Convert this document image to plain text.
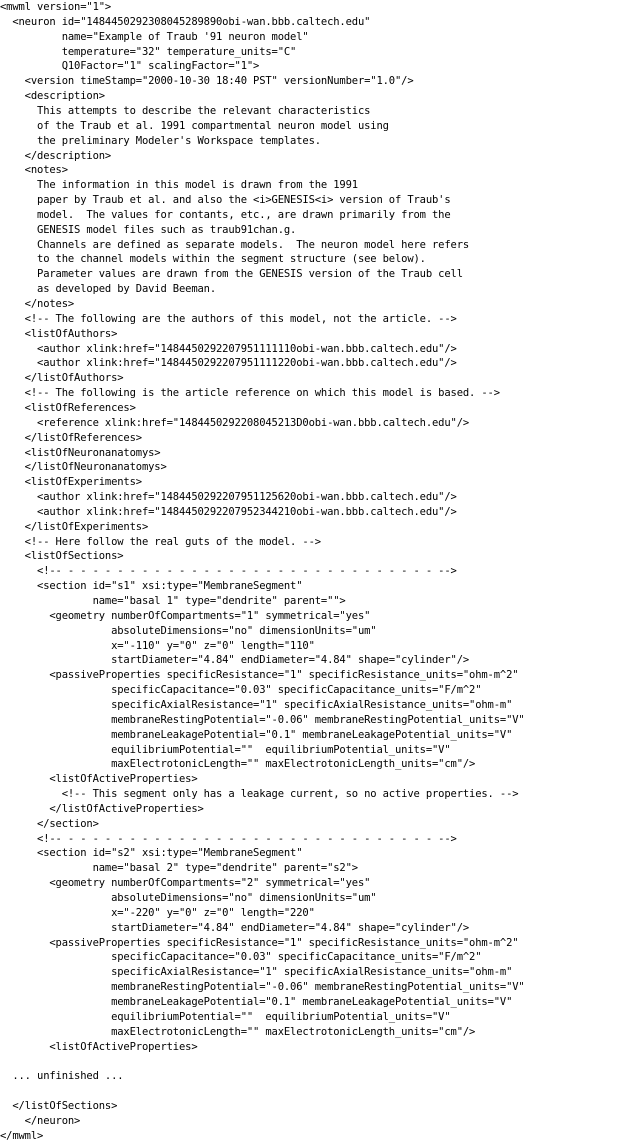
<mwml version="1">
<neuron id="1484450292308045289890obi-wan.bbb.caltech.edu"
name="Example of Traub '91 neuron model"
temperature="32" temperature_units="C"
Q10Factor="1" scalingFactor="1">
<version timeStamp="2000-10-30 18:40 PST" versionNumber="1.0"/>
<description>
This attempts to describe the relevant characteristics
of the Traub et al. 1991 compartmental neuron model using
the preliminary Modeler's Workspace templates.
</description>
<notes>
The information in this model is drawn from the 1991
paper by Traub et al. and also the <i>GENESIS<i> version of Traub's
model.  The values for contants, etc., are drawn primarily from the
GENESIS model files such as traub91chan.g.
Channels are defined as separate models.  The neuron model here refers
to the channel models within the segment structure (see below).
Parameter values are drawn from the GENESIS version of the Traub cell
as developed by David Beeman.
</notes>
<!-- The following are the authors of this model, not the article. -->
<listOfAuthors>
<author xlink:href="1484450292207951111110obi-wan.bbb.caltech.edu"/>
<author xlink:href="1484450292207951111220obi-wan.bbb.caltech.edu"/>
</listOfAuthors>
<!-- The following is the article reference on which this model is based. -->
<listOfReferences>
<reference xlink:href="1484450292208045213D0obi-wan.bbb.caltech.edu"/>
</listOfReferences>
<listOfNeuronanatomys>
</listOfNeuronanatomys>
<listOfExperiments>
<author xlink:href="1484450292207951125620obi-wan.bbb.caltech.edu"/>
<author xlink:href="1484450292207952344210obi-wan.bbb.caltech.edu"/>
</listOfExperiments>
<!-- Here follow the real guts of the model. -->
<listOfSections>
<!-- - - - - - - - - - - - - - - - - - - - - - - - - - - - - - - -->
<section id="s1" xsi:type="MembraneSegment"
name="basal 1" type="dendrite" parent="">
<geometry numberOfCompartments="1" symmetrical="yes"
absoluteDimensions="no" dimensionUnits="um"
x="-110" y="0" z="0" length="110"
startDiameter="4.84" endDiameter="4.84" shape="cylinder"/>
<passiveProperties specificResistance="1" specificResistance_units="ohm-m^2"
specificCapacitance="0.03" specificCapacitance_units="F/m^2"
specificAxialResistance="1" specificAxialResistance_units="ohm-m"
membraneRestingPotential="-0.06" membraneRestingPotential_units="V"
membraneLeakagePotential="0.1" membraneLeakagePotential_units="V"
equilibriumPotential=""  equilibriumPotential_units="V"
maxElectrotonicLength="" maxElectrotonicLength_units="cm"/>
<listOfActiveProperties>
<!-- This segment only has a leakage current, so no active properties. -->
</listOfActiveProperties>
</section>
<!-- - - - - - - - - - - - - - - - - - - - - - - - - - - - - - - -->
<section id="s2" xsi:type="MembraneSegment"
name="basal 2" type="dendrite" parent="s2">
<geometry numberOfCompartments="2" symmetrical="yes"
absoluteDimensions="no" dimensionUnits="um"
x="-220" y="0" z="0" length="220"
startDiameter="4.84" endDiameter="4.84" shape="cylinder"/>
<passiveProperties specificResistance="1" specificResistance_units="ohm-m^2"
specificCapacitance="0.03" specificCapacitance_units="F/m^2"
specificAxialResistance="1" specificAxialResistance_units="ohm-m"
membraneRestingPotential="-0.06" membraneRestingPotential_units="V"
membraneLeakagePotential="0.1" membraneLeakagePotential_units="V"
equilibriumPotential=""  equilibriumPotential_units="V"
maxElectrotonicLength="" maxElectrotonicLength_units="cm"/>
<listOfActiveProperties>
... unfinished ...
</listOfSections>
</neuron>
</mwml>
